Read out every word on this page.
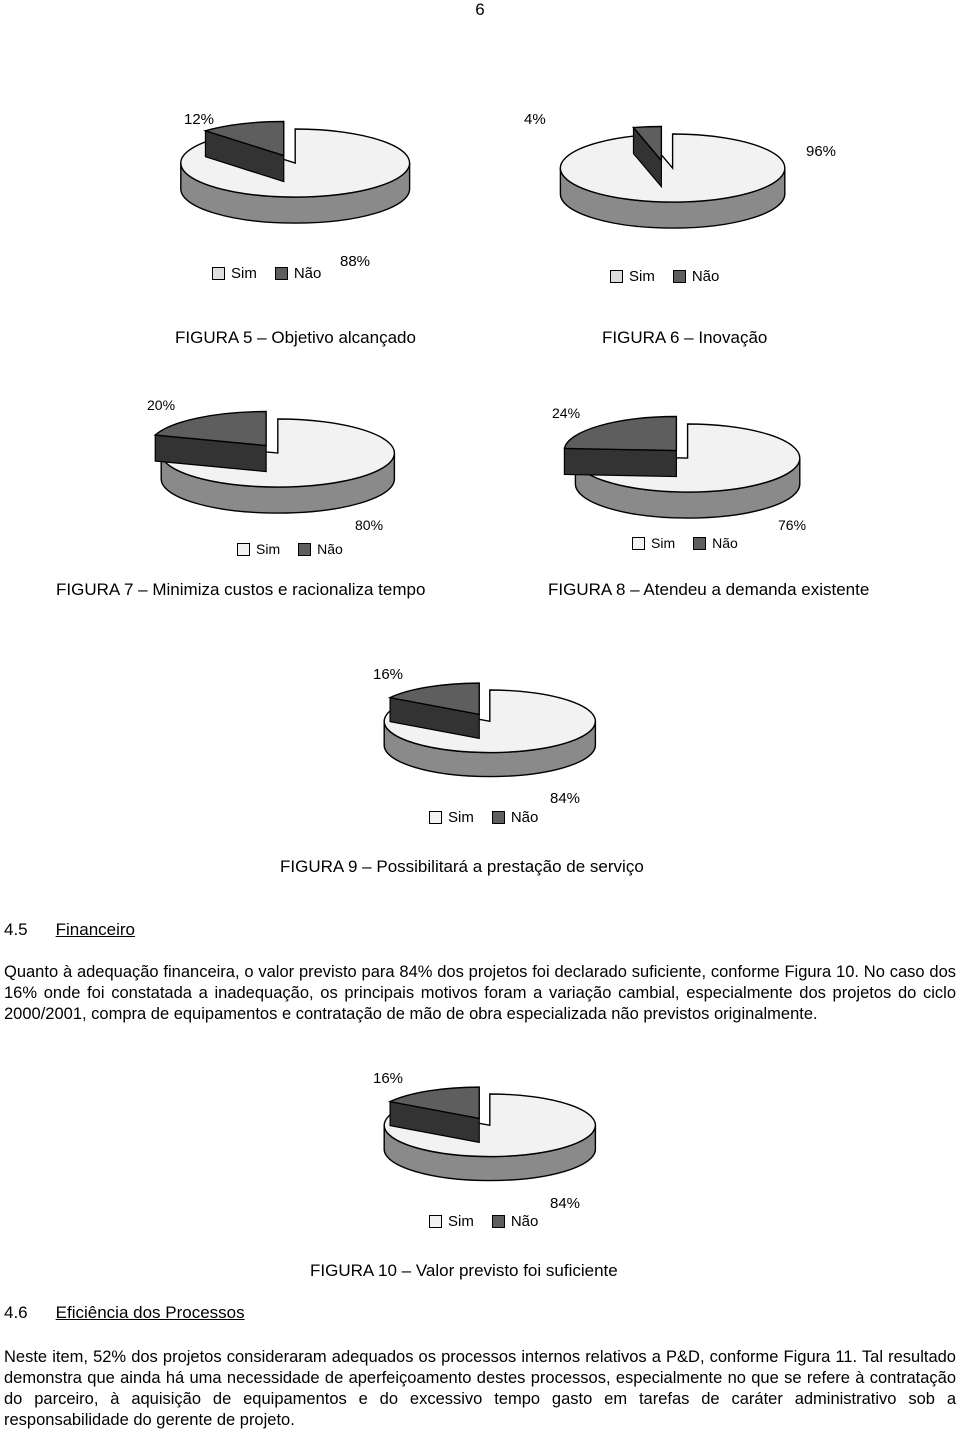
6
12%
88%
Sim Não
FIGURA 5 – Objetivo alcançado
4%
96%
Sim Não
FIGURA 6 – Inovação
20%
80%
Sim	Não
FIGURA 7 – Minimiza custos e racionaliza tempo
24%
76%
Sim	Não
FIGURA 8 – Atendeu a demanda existente
16%
84%
Sim Não
FIGURA 9 – Possibilitará a prestação de serviço
4.5 Financeiro
Quanto à adequação financeira, o valor previsto para 84% dos projetos foi declarado suficiente, conforme Figura 10. No caso dos 16% onde foi constatada a inadequação, os principais motivos foram a variação cambial, especialmente dos projetos do ciclo 2000/2001, compra de equipamentos e contratação de mão de obra especializada não previstos originalmente.
16%
84%
Sim Não
FIGURA 10 – Valor previsto foi suficiente
4.6 Eficiência dos Processos
Neste item, 52% dos projetos consideraram adequados os processos internos relativos a P&D, conforme Figura 11. Tal resultado demonstra que ainda há uma necessidade de aperfeiçoamento destes processos, especialmente no que se refere à contratação do parceiro, à aquisição de equipamentos e do excessivo tempo gasto em tarefas de caráter administrativo sob a responsabilidade do gerente de projeto.
